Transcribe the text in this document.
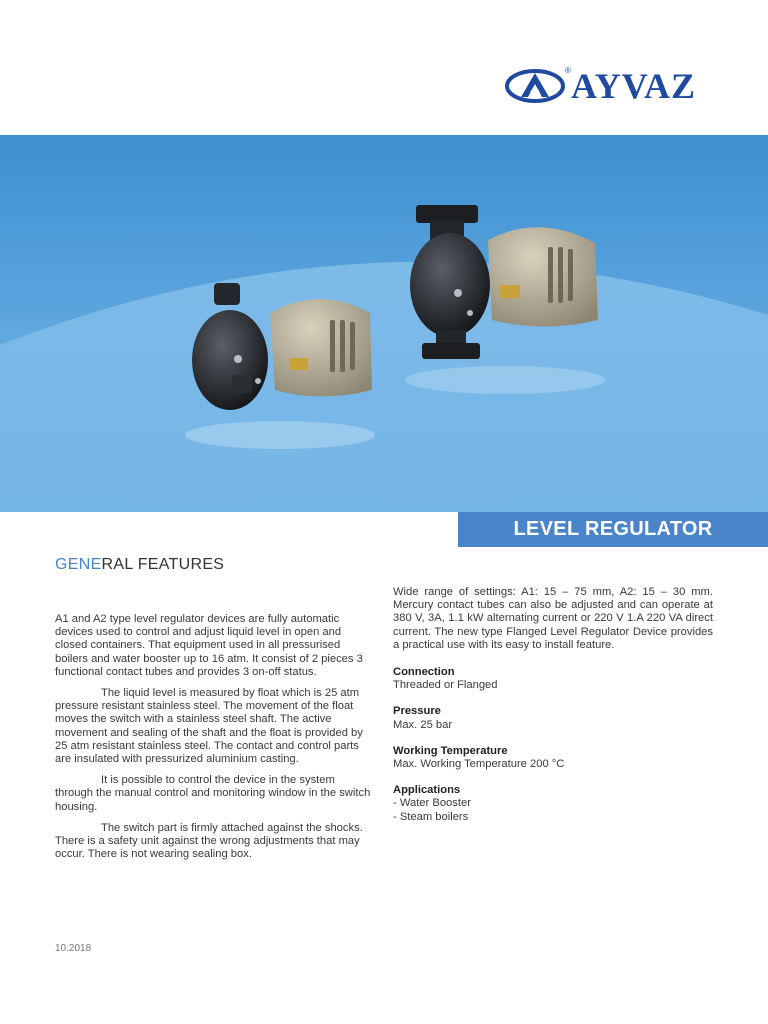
AYVAZ
®
LEVEL REGULATOR
GENERAL FEATURES

A1 and A2 type level regulator devices are fully automatic devices used to control and adjust liquid level in open and closed containers. That equipment used in all pressurised boilers and water booster up to 16 atm. It consist of 2 pieces 3 functional contact tubes and provides 3 on-off status.

The liquid level is measured by float which is 25 atm pressure resistant stainless steel. The movement of the float moves the switch with a stainless steel shaft. The active movement and sealing of the shaft and the float is provided by 25 atm resistant stainless steel. The contact and control parts are insulated with pressurized aluminium casting.

It is possible to control the device in the system through the manual control and monitoring window in the switch housing.

The switch part is firmly attached against the shocks. There is a safety unit against the wrong adjustments that may occur. There is not wearing sealing box.

Wide range of settings: A1: 15 – 75 mm, A2: 15 – 30 mm. Mercury contact tubes can also be adjusted and can operate at 380 V, 3A, 1.1 kW alternating current or 220 V 1.A 220 VA direct current. The new type Flanged Level Regulator Device provides a practical use with its easy to install feature.

Connection
Threaded or Flanged
Pressure
Max. 25 bar
Working Temperature
Max. Working Temperature 200 °C
Applications
- Water Booster
- Steam boilers
10.2018
